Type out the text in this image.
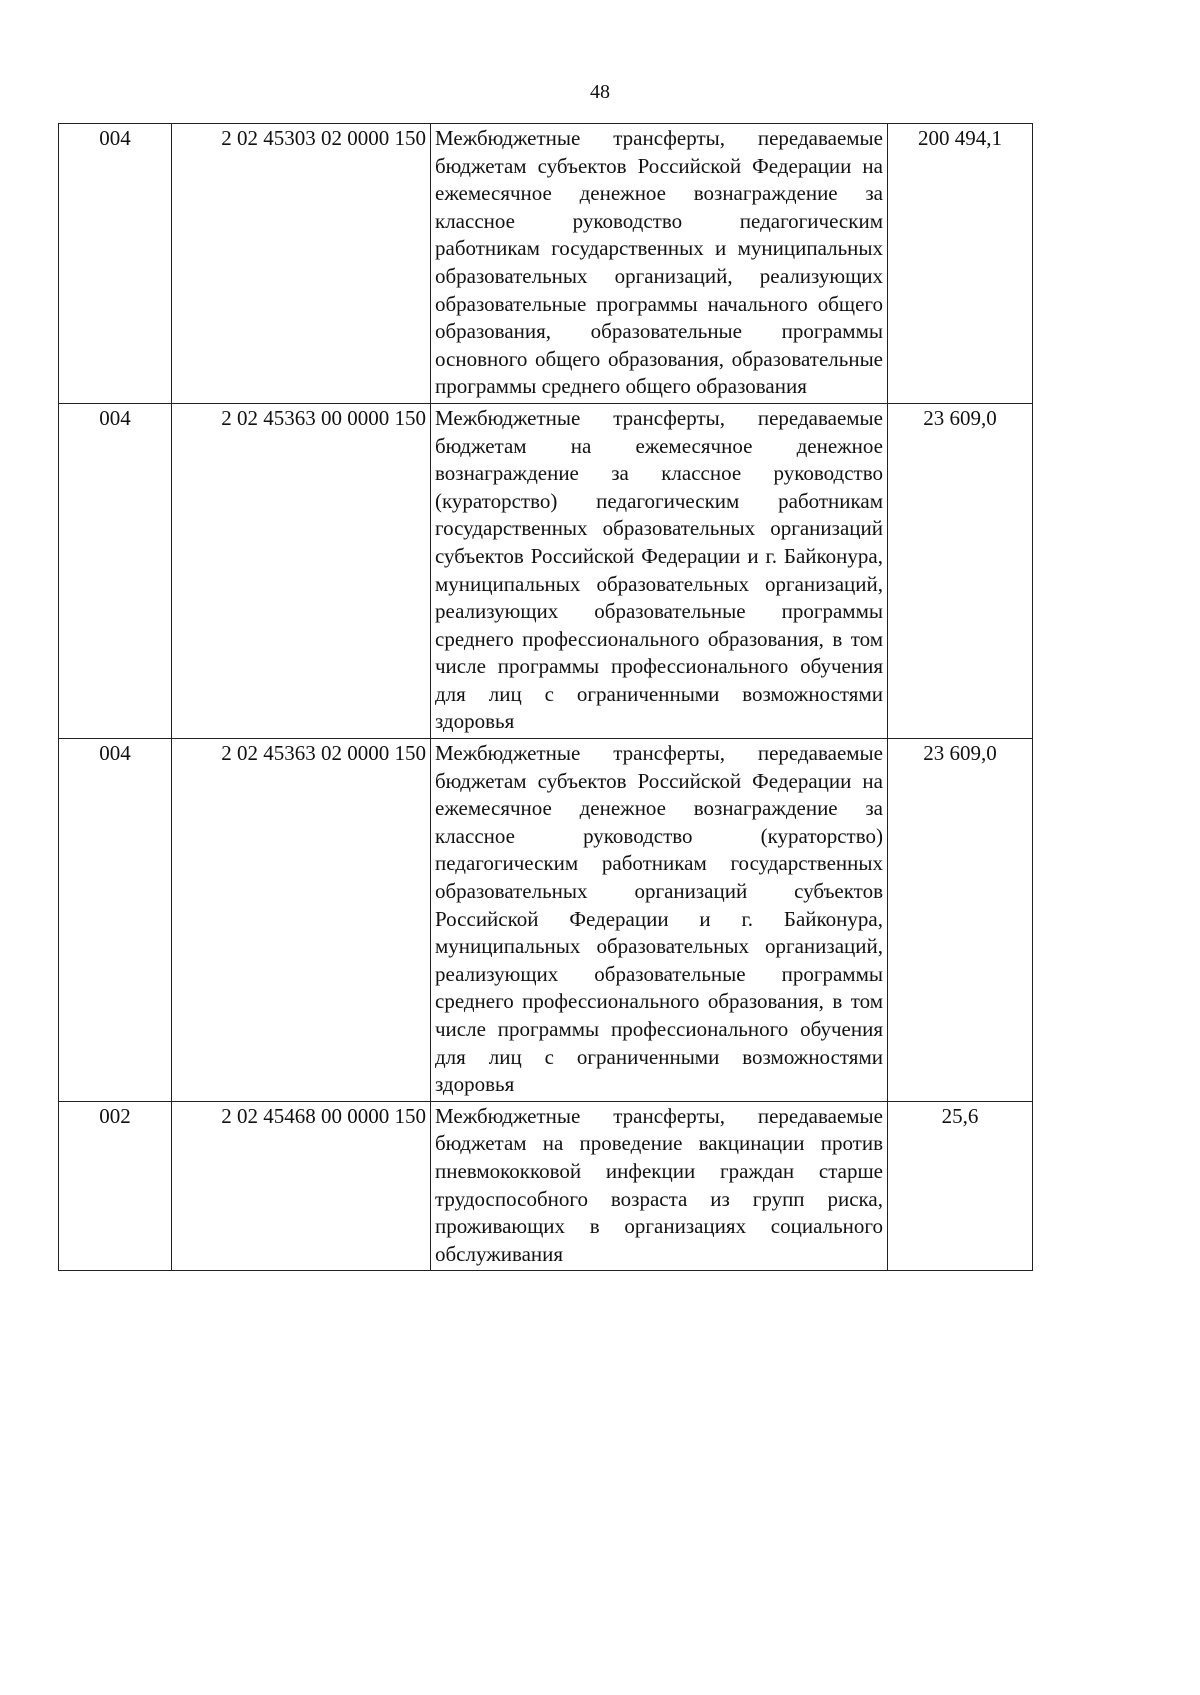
48
004	2 02 45303 02 0000 150	Межбюджетные трансферты, передаваемые бюджетам субъектов Российской Федерации на ежемесячное денежное вознаграждение за классное руководство педагогическим работникам государственных и муниципальных образовательных организаций, реализующих образовательные программы начального общего образования, образовательные программы основного общего образования, образовательные программы среднего общего образования	200 494,1
004	2 02 45363 00 0000 150	Межбюджетные трансферты, передаваемые бюджетам на ежемесячное денежное вознаграждение за классное руководство (кураторство) педагогическим работникам государственных образовательных организаций субъектов Российской Федерации и г. Байконура, муниципальных образовательных организаций, реализующих образовательные программы среднего профессионального образования, в том числе программы профессионального обучения для лиц с ограниченными возможностями здоровья	23 609,0
004	2 02 45363 02 0000 150	Межбюджетные трансферты, передаваемые бюджетам субъектов Российской Федерации на ежемесячное денежное вознаграждение за классное руководство (кураторство) педагогическим работникам государственных образовательных организаций субъектов Российской Федерации и г. Байконура, муниципальных образовательных организаций, реализующих образовательные программы среднего профессионального образования, в том числе программы профессионального обучения для лиц с ограниченными возможностями здоровья	23 609,0
002	2 02 45468 00 0000 150	Межбюджетные трансферты, передаваемые бюджетам на проведение вакцинации против пневмококковой инфекции граждан старше трудоспособного возраста из групп риска, проживающих в организациях социального обслуживания	25,6
